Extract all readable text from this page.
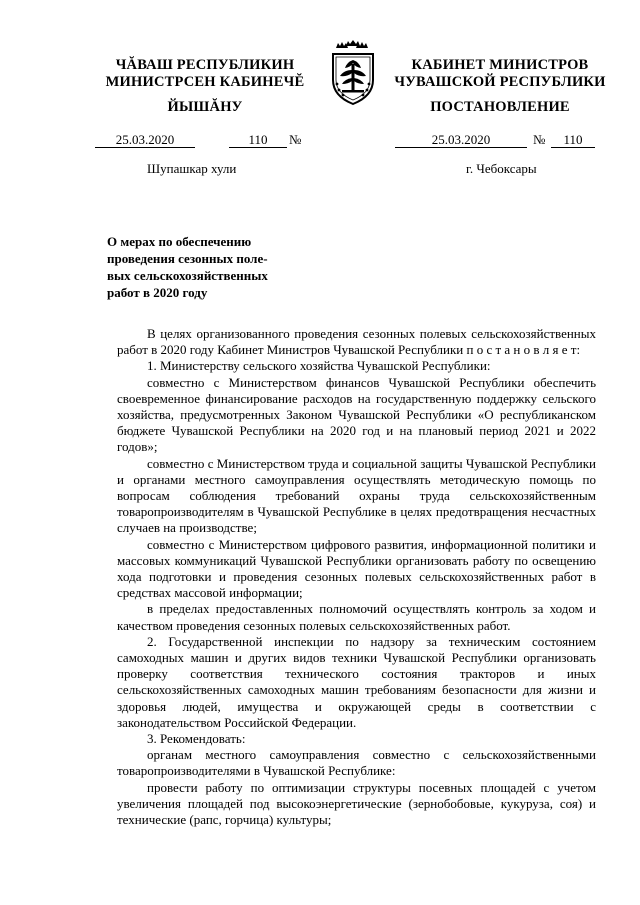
ЧĂВАШ РЕСПУБЛИКИН
МИНИСТРСЕН КАБИНЕЧĔ
ЙЫШĂНУ
КАБИНЕТ МИНИСТРОВ
ЧУВАШСКОЙ РЕСПУБЛИКИ
ПОСТАНОВЛЕНИЕ
25.03.2020	110	№	25.03.2020	№	110
Шупашкар хули	г. Чебоксары
О мерах по обеспечению
проведения сезонных поле-
вых сельскохозяйственных
работ в 2020 году

В целях организованного проведения сезонных полевых сельскохозяйственных работ в 2020 году Кабинет Министров Чувашской Республики п о с т а н о в л я е т:

1. Министерству сельского хозяйства Чувашской Республики:

совместно с Министерством финансов Чувашской Республики обеспечить своевременное финансирование расходов на государственную поддержку сельского хозяйства, предусмотренных Законом Чувашской Республики «О республиканском бюджете Чувашской Республики на 2020 год и на плановый период 2021 и 2022 годов»;

совместно с Министерством труда и социальной защиты Чувашской Республики и органами местного самоуправления осуществлять методическую помощь по вопросам соблюдения требований охраны труда сельскохозяйственным товаропроизводителям в Чувашской Республике в целях предотвращения несчастных случаев на производстве;

совместно с Министерством цифрового развития, информационной политики и массовых коммуникаций Чувашской Республики организовать работу по освещению хода подготовки и проведения сезонных полевых сельскохозяйственных работ в средствах массовой информации;

в пределах предоставленных полномочий осуществлять контроль за ходом и качеством проведения сезонных полевых сельскохозяйственных работ.

2. Государственной инспекции по надзору за техническим состоянием самоходных машин и других видов техники Чувашской Республики организовать проверку соответствия технического состояния тракторов и иных сельскохозяйственных самоходных машин требованиям безопасности для жизни и здоровья людей, имущества и окружающей среды в соответствии с законодательством Российской Федерации.

3. Рекомендовать:

органам местного самоуправления совместно с сельскохозяйственными товаропроизводителями в Чувашской Республике:

провести работу по оптимизации структуры посевных площадей с учетом увеличения площадей под высокоэнергетические (зернобобовые, кукуруза, соя) и технические (рапс, горчица) культуры;
